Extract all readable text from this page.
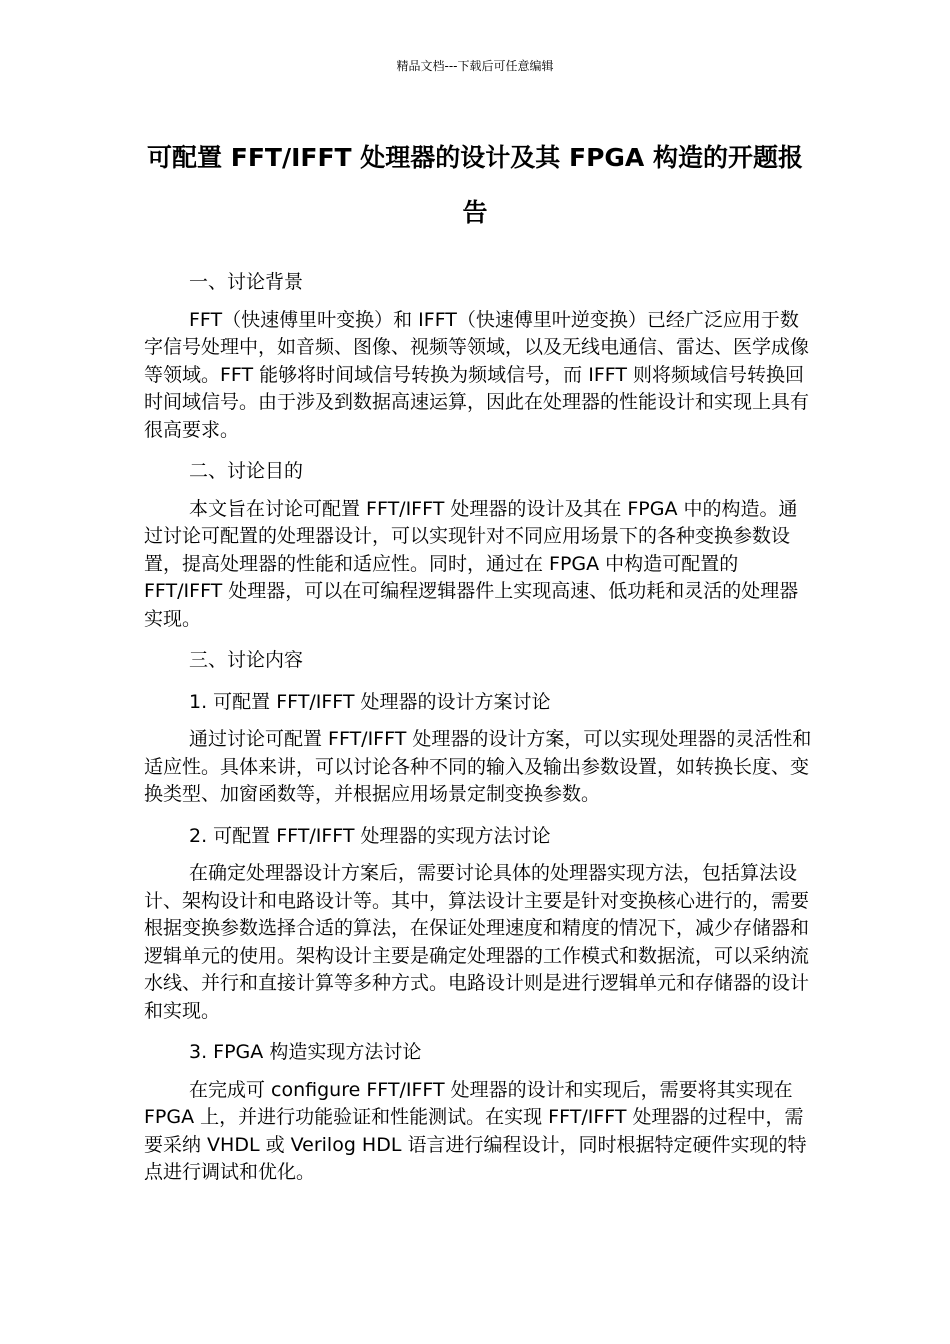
精品文档---下载后可任意编辑
可配置 FFT/IFFT 处理器的设计及其 FPGA 构造的开题报告

一、讨论背景

FFT（快速傅里叶变换）和 IFFT（快速傅里叶逆变换）已经广泛应用于数字信号处理中，如音频、图像、视频等领域，以及无线电通信、雷达、医学成像等领域。FFT 能够将时间域信号转换为频域信号，而 IFFT 则将频域信号转换回时间域信号。由于涉及到数据高速运算，因此在处理器的性能设计和实现上具有很高要求。

二、讨论目的

本文旨在讨论可配置 FFT/IFFT 处理器的设计及其在 FPGA 中的构造。通过讨论可配置的处理器设计，可以实现针对不同应用场景下的各种变换参数设置，提高处理器的性能和适应性。同时，通过在 FPGA 中构造可配置的 FFT/IFFT 处理器，可以在可编程逻辑器件上实现高速、低功耗和灵活的处理器实现。

三、讨论内容

1. 可配置 FFT/IFFT 处理器的设计方案讨论

通过讨论可配置 FFT/IFFT 处理器的设计方案，可以实现处理器的灵活性和适应性。具体来讲，可以讨论各种不同的输入及输出参数设置，如转换长度、变换类型、加窗函数等，并根据应用场景定制变换参数。

2. 可配置 FFT/IFFT 处理器的实现方法讨论

在确定处理器设计方案后，需要讨论具体的处理器实现方法，包括算法设计、架构设计和电路设计等。其中，算法设计主要是针对变换核心进行的，需要根据变换参数选择合适的算法，在保证处理速度和精度的情况下，减少存储器和逻辑单元的使用。架构设计主要是确定处理器的工作模式和数据流，可以采纳流水线、并行和直接计算等多种方式。电路设计则是进行逻辑单元和存储器的设计和实现。

3. FPGA 构造实现方法讨论

在完成可 configure FFT/IFFT 处理器的设计和实现后，需要将其实现在 FPGA 上，并进行功能验证和性能测试。在实现 FFT/IFFT 处理器的过程中，需要采纳 VHDL 或 Verilog HDL 语言进行编程设计，同时根据特定硬件实现的特点进行调试和优化。
